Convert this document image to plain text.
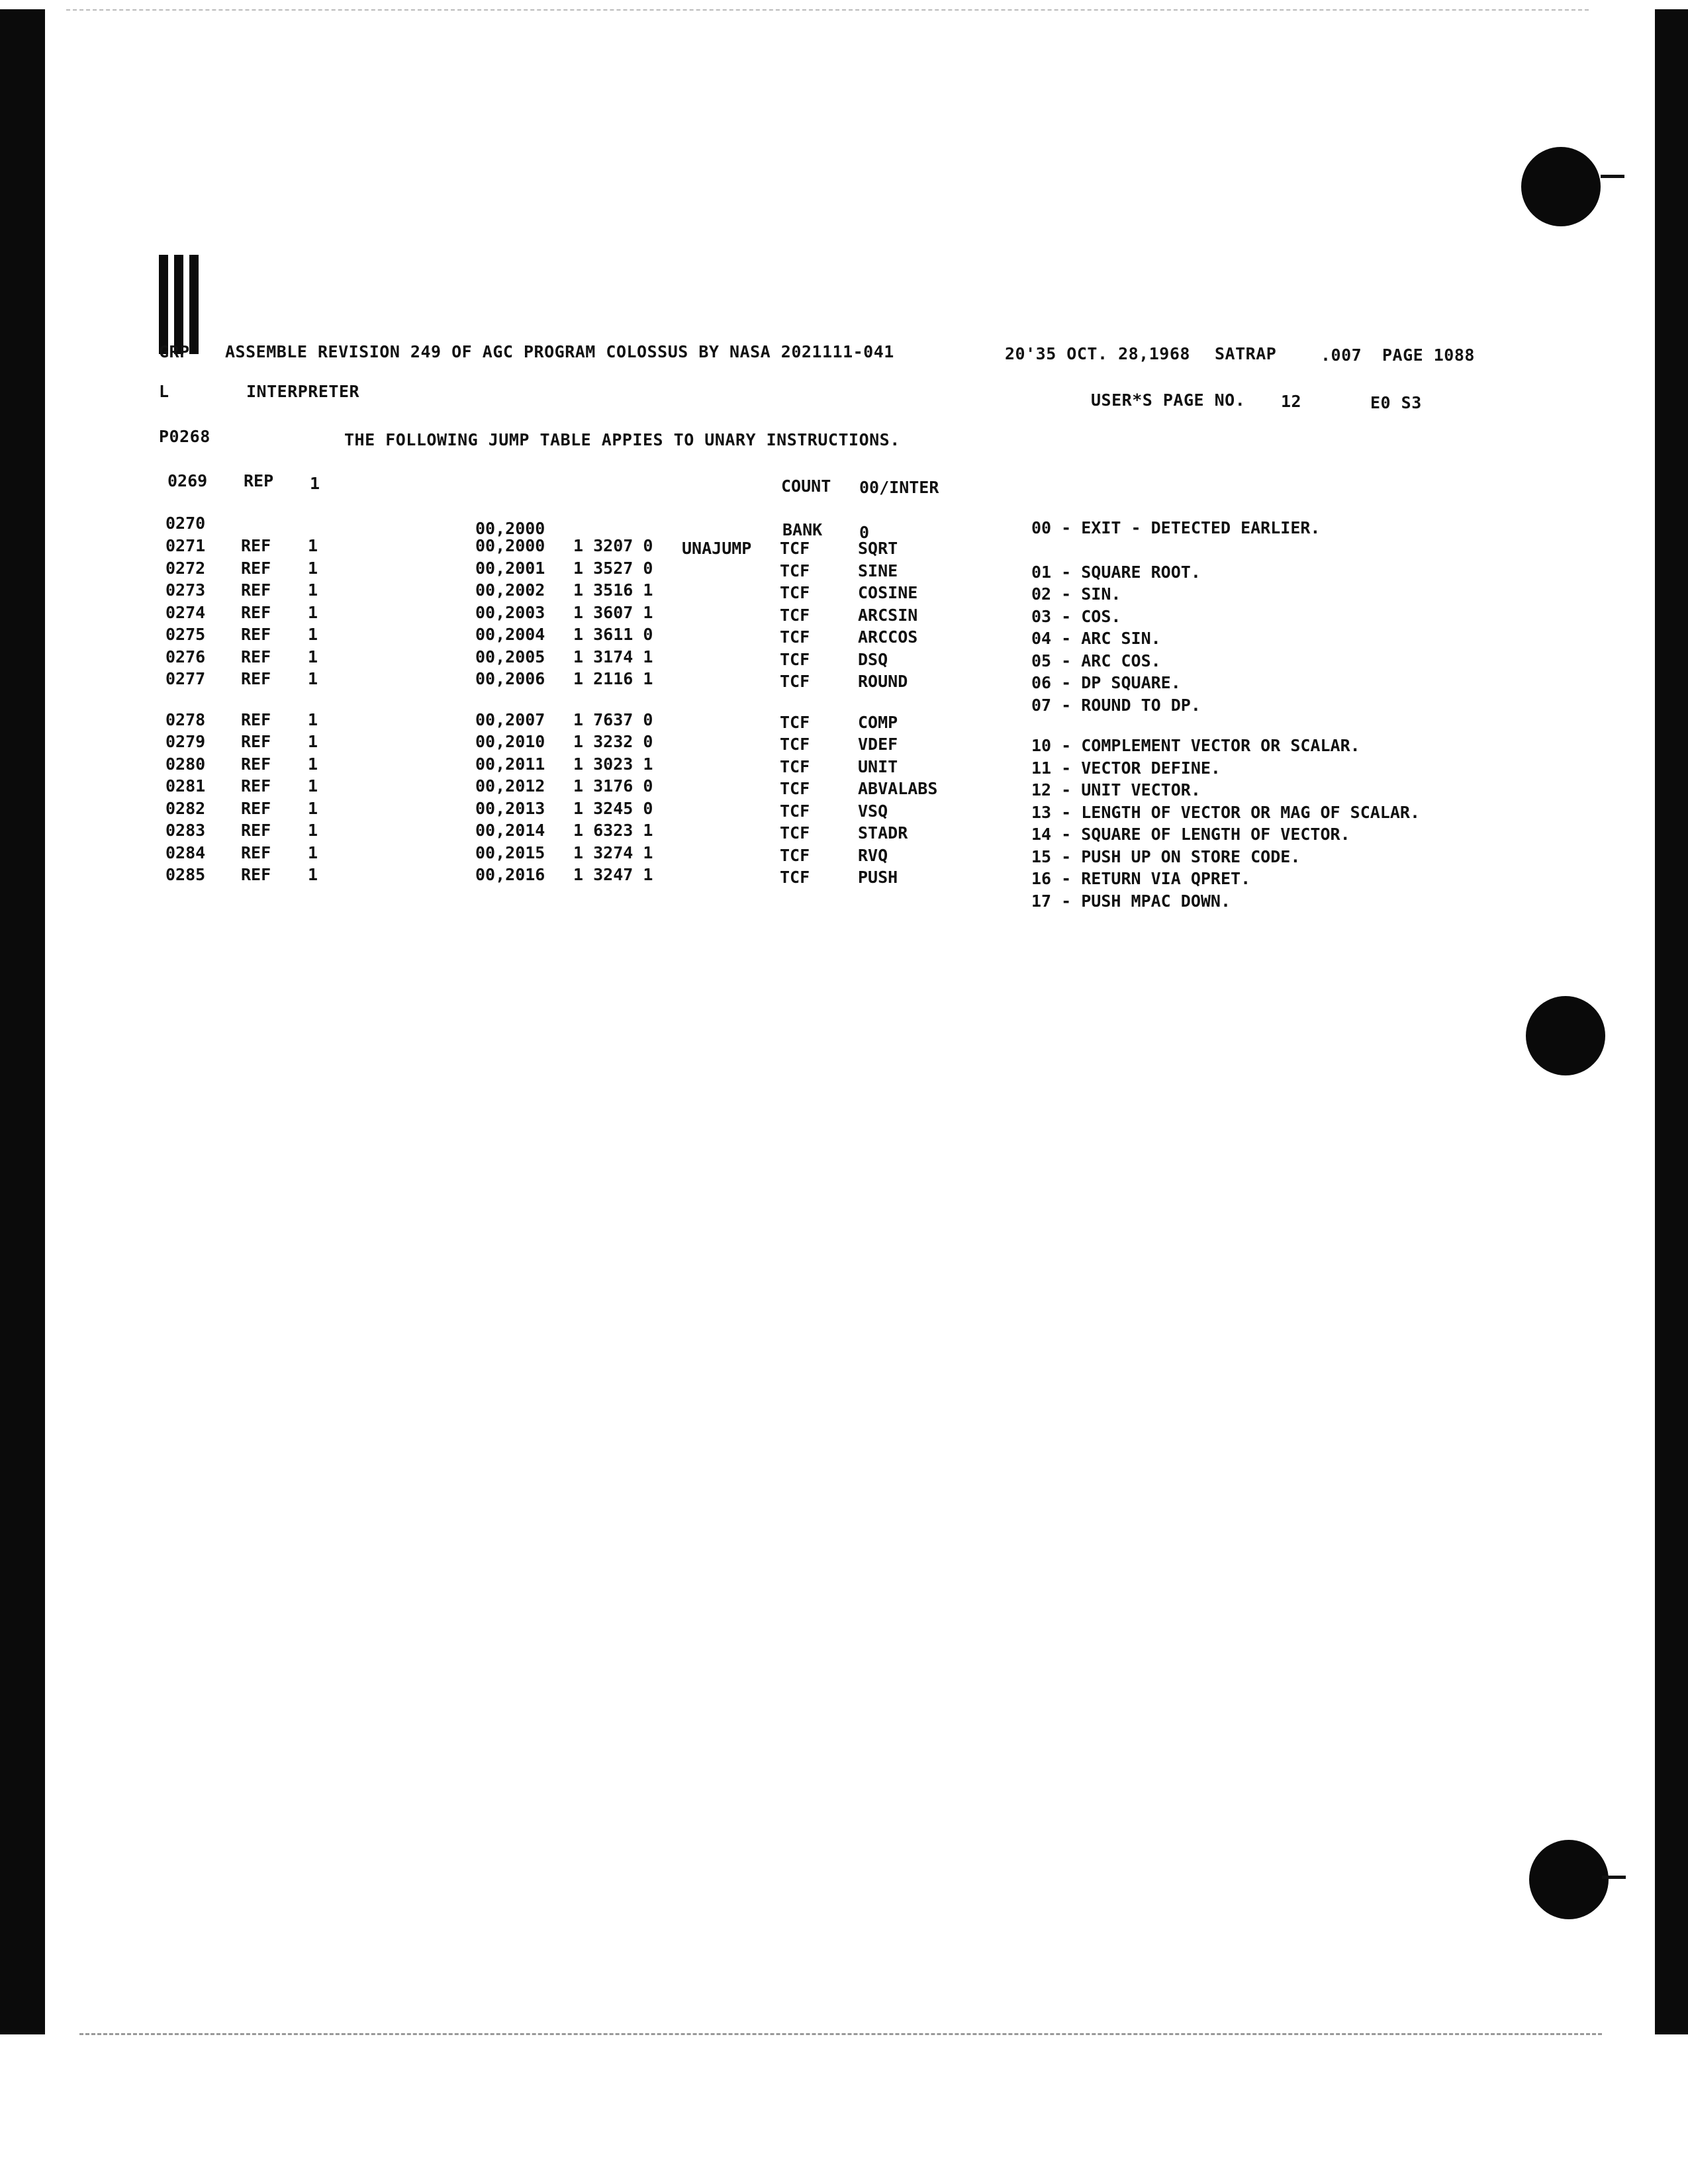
GRP ASSEMBLE REVISION 249 OF AGC PROGRAM COLOSSUS BY NASA 2021111-041	20'35 OCT. 28,1968 SATRAP	.007 PAGE 1088
L	INTERPRETER	USER*S PAGE NO. 12	E0 S3
P0268	THE FOLLOWING JUMP TABLE APPIES TO UNARY INSTRUCTIONS.
0269 REP 1	COUNT 00/INTER
0270	00,2000	BANK 0
0271 REF 1	00,2000 1 3207 0 UNAJUMP TCF	SQRT
00 - EXIT - DETECTED EARLIER.
0272 REF 1	00,2001 1 3527 0	TCF	SINE	01 - SQUARE ROOT.
0273 REF 1	00,2002 1 3516 1	TCF	COSINE	02 - SIN.
0274 REF 1	00,2003 1 3607 1	TCF	ARCSIN	03 - COS.
0275 REF 1	00,2004 1 3611 0	TCF	ARCCOS	04 - ARC SIN.
0276 REF 1	00,2005 1 3174 1	TCF	DSQ	05 - ARC COS.
0277 REF 1	00,2006 1 2116 1	TCF	ROUND	06 - DP SQUARE.
0278 REF 1	00,2007 1 7637 0	TCF	COMP
07 - ROUND TO DP.
0279 REF 1	00,2010 1 3232 0	TCF	VDEF	10 - COMPLEMENT VECTOR OR SCALAR.
0280 REF 1	00,2011 1 3023 1	TCF	UNIT	11 - VECTOR DEFINE.
0281 REF 1	00,2012 1 3176 0	TCF	ABVALABS	12 - UNIT VECTOR.
0282 REF 1	00,2013 1 3245 0	TCF	VSQ	13 - LENGTH OF VECTOR OR MAG OF SCALAR.
0283 REF 1	00,2014 1 6323 1	TCF	STADR	14 - SQUARE OF LENGTH OF VECTOR.
0284 REF 1	00,2015 1 3274 1	TCF	RVQ	15 - PUSH UP ON STORE CODE.
0285 REF 1	00,2016 1 3247 1	TCF	PUSH	16 - RETURN VIA QPRET.
17 - PUSH MPAC DOWN.
